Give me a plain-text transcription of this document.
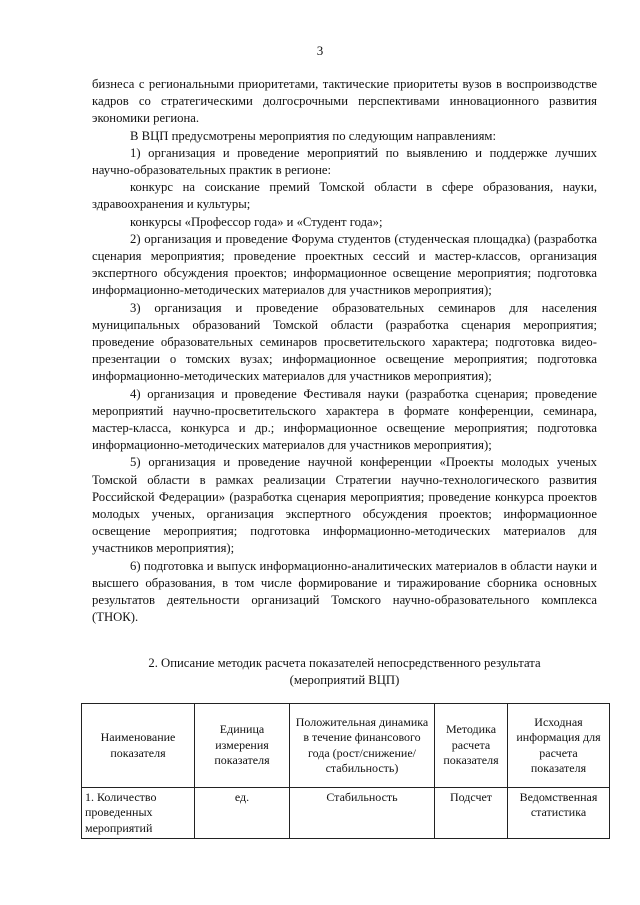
3

бизнеса с региональными приоритетами, тактические приоритеты вузов в воспроизводстве кадров со стратегическими долгосрочными перспективами инновационного развития экономики региона.

В ВЦП предусмотрены мероприятия по следующим направлениям:

1) организация и проведение мероприятий по выявлению и поддержке лучших научно-образовательных практик в регионе:

конкурс на соискание премий Томской области в сфере образования, науки, здравоохранения и культуры;

конкурсы «Профессор года» и «Студент года»;

2) организация и проведение Форума студентов (студенческая площадка) (разработка сценария мероприятия; проведение проектных сессий и мастер-классов, организация экспертного обсуждения проектов; информационное освещение мероприятия; подготовка информационно-методических материалов для участников мероприятия);

3) организация и проведение образовательных семинаров для населения муниципальных образований Томской области (разработка сценария мероприятия; проведение образовательных семинаров просветительского характера; подготовка видео-презентации о томских вузах; информационное освещение мероприятия; подготовка информационно-методических материалов для участников мероприятия);

4) организация и проведение Фестиваля науки (разработка сценария; проведение мероприятий научно-просветительского характера в формате конференции, семинара, мастер-класса, конкурса и др.; информационное освещение мероприятия; подготовка информационно-методических материалов для участников мероприятия);

5) организация и проведение научной конференции «Проекты молодых ученых Томской области в рамках реализации Стратегии научно-технологического развития Российской Федерации» (разработка сценария мероприятия; проведение конкурса проектов молодых ученых, организация экспертного обсуждения проектов; информационное освещение мероприятия; подготовка информационно-методических материалов для участников мероприятия);

6) подготовка и выпуск информационно-аналитических материалов в области науки и высшего образования, в том числе формирование и тиражирование сборника основных результатов деятельности организаций Томского научно-образовательного комплекса (ТНОК).

2. Описание методик расчета показателей непосредственного результата
(мероприятий ВЦП)

Наименование показателя	Единица измерения показателя	Положительная динамика в течение финансового года (рост/снижение/ стабильность)	Методика расчета показателя	Исходная информация для расчета показателя
1. Количество проведенных мероприятий	ед.	Стабильность	Подсчет	Ведомственная статистика
